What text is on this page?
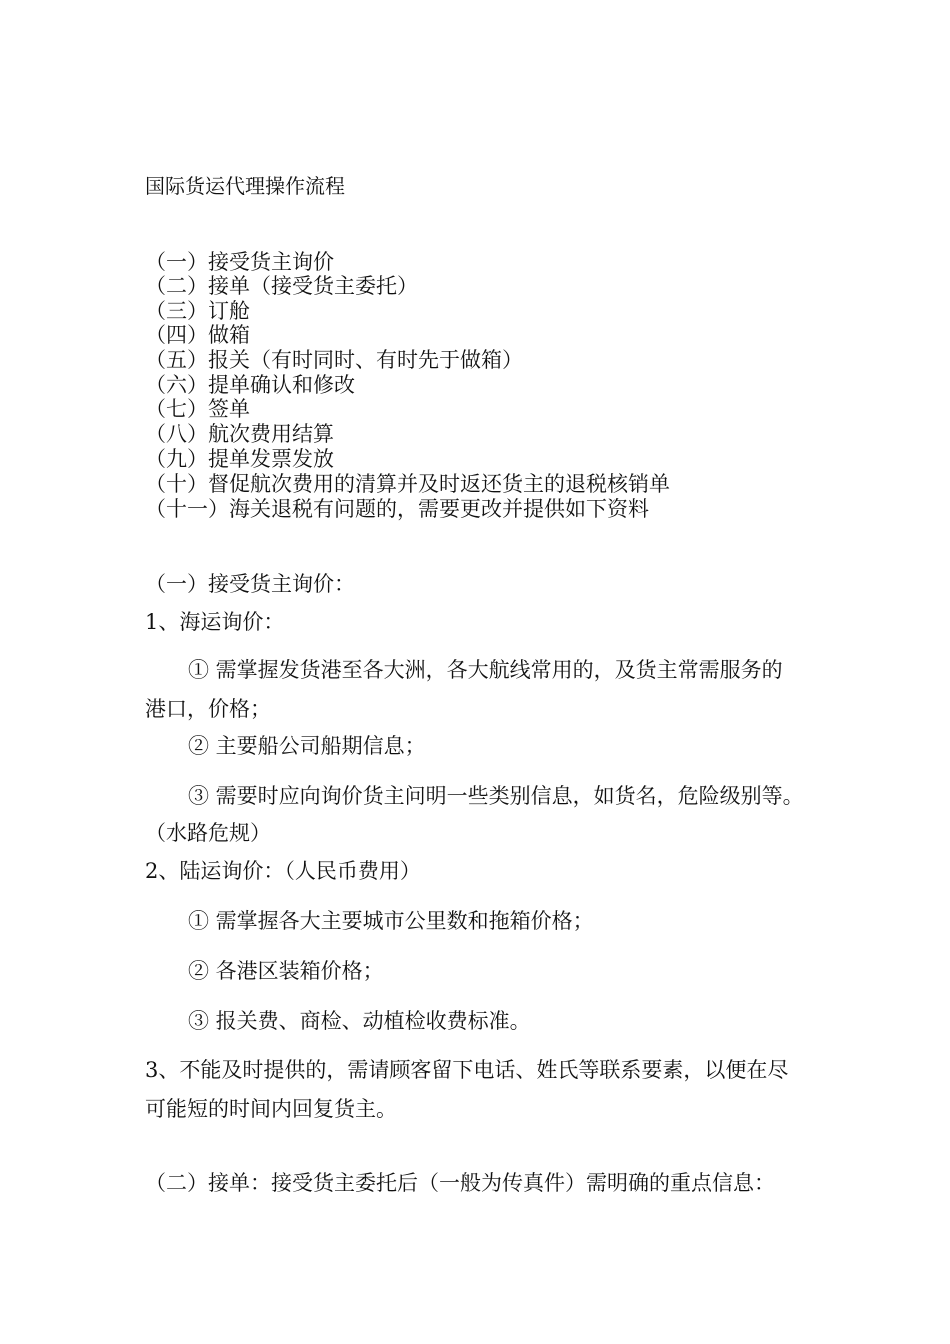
国际货运代理操作流程
（一）接受货主询价
（二）接单（接受货主委托）
（三）订舱
（四）做箱
（五）报关（有时同时、有时先于做箱）
（六）提单确认和修改
（七）签单
（八）航次费用结算
（九）提单发票发放
（十）督促航次费用的清算并及时返还货主的退税核销单
（十一）海关退税有问题的，需要更改并提供如下资料
（一）接受货主询价：
1、海运询价：
① 需掌握发货港至各大洲，各大航线常用的，及货主常需服务的
港口，价格；
② 主要船公司船期信息；
③ 需要时应向询价货主问明一些类别信息，如货名，危险级别等。
（水路危规）
2、陆运询价：（人民币费用）
① 需掌握各大主要城市公里数和拖箱价格；
② 各港区装箱价格；
③ 报关费、商检、动植检收费标准。
3、不能及时提供的，需请顾客留下电话、姓氏等联系要素，以便在尽
可能短的时间内回复货主。
（二）接单：接受货主委托后（一般为传真件）需明确的重点信息：
